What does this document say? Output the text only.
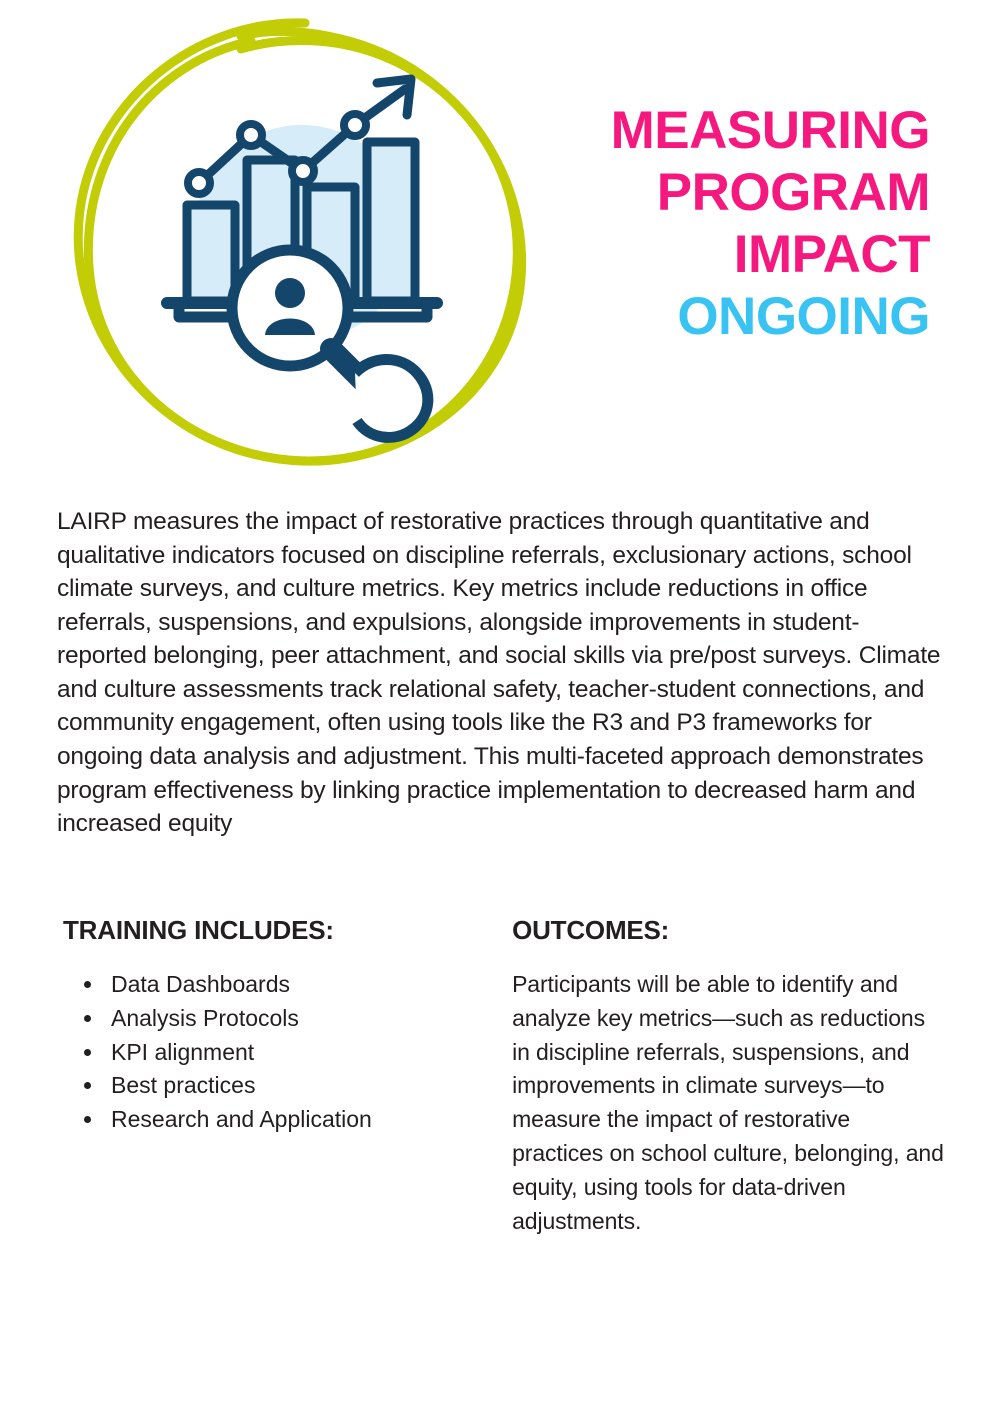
MEASURING
PROGRAM
IMPACT
ONGOING
LAIRP measures the impact of restorative practices through quantitative and qualitative indicators focused on discipline referrals, exclusionary actions, school climate surveys, and culture metrics. Key metrics include reductions in office referrals, suspensions, and expulsions, alongside improvements in student-reported belonging, peer attachment, and social skills via pre/post surveys. Climate and culture assessments track relational safety, teacher-student connections, and community engagement, often using tools like the R3 and P3 frameworks for ongoing data analysis and adjustment. This multi-faceted approach demonstrates program effectiveness by linking practice implementation to decreased harm and increased equity
TRAINING INCLUDES:
• Data Dashboards
• Analysis Protocols
• KPI alignment
• Best practices
• Research and Application
OUTCOMES:

Participants will be able to identify and analyze key metrics—such as reductions in discipline referrals, suspensions, and improvements in climate surveys—to measure the impact of restorative practices on school culture, belonging, and equity, using tools for data-driven adjustments.
